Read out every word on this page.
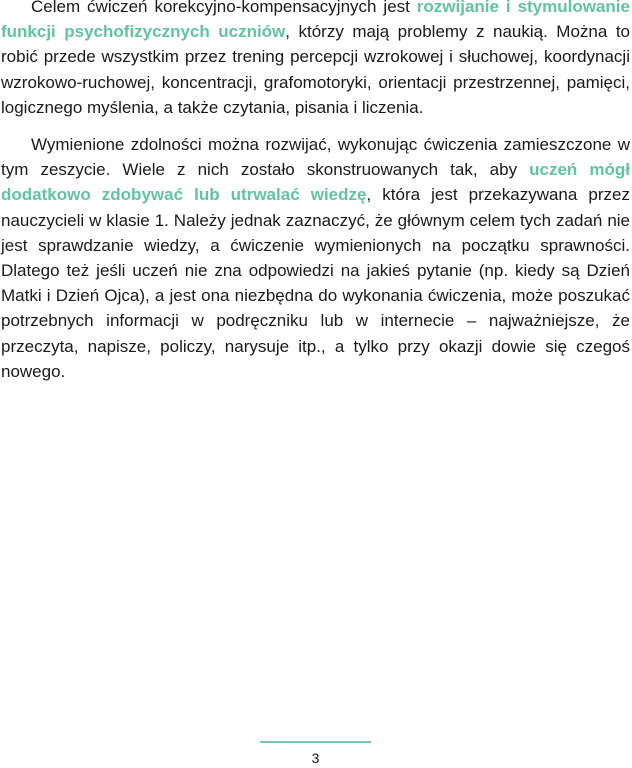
Celem ćwiczeń korekcyjno-kompensacyjnych jest rozwijanie i stymulowanie funkcji psychofizycznych uczniów, którzy mają problemy z naukią. Można to robić przede wszystkim przez trening percepcji wzrokowej i słuchowej, koordynacji wzrokowo-ruchowej, koncentracji, grafomotoryki, orientacji przestrzennej, pamięci, logicznego myślenia, a także czytania, pisania i liczenia.

Wymienione zdolności można rozwijać, wykonując ćwiczenia zamieszczone w tym zeszycie. Wiele z nich zostało skonstruowanych tak, aby uczeń mógł dodatkowo zdobywać lub utrwalać wiedzę, która jest przekazywana przez nauczycieli w klasie 1. Należy jednak zaznaczyć, że głównym celem tych zadań nie jest sprawdzanie wiedzy, a ćwiczenie wymienionych na początku sprawności. Dlatego też jeśli uczeń nie zna odpowiedzi na jakieś pytanie (np. kiedy są Dzień Matki i Dzień Ojca), a jest ona niezbędna do wykonania ćwiczenia, może poszukać potrzebnych informacji w podręczniku lub w internecie – najważniejsze, że przeczyta, napisze, policzy, narysuje itp., a tylko przy okazji dowie się czegoś nowego.

3
